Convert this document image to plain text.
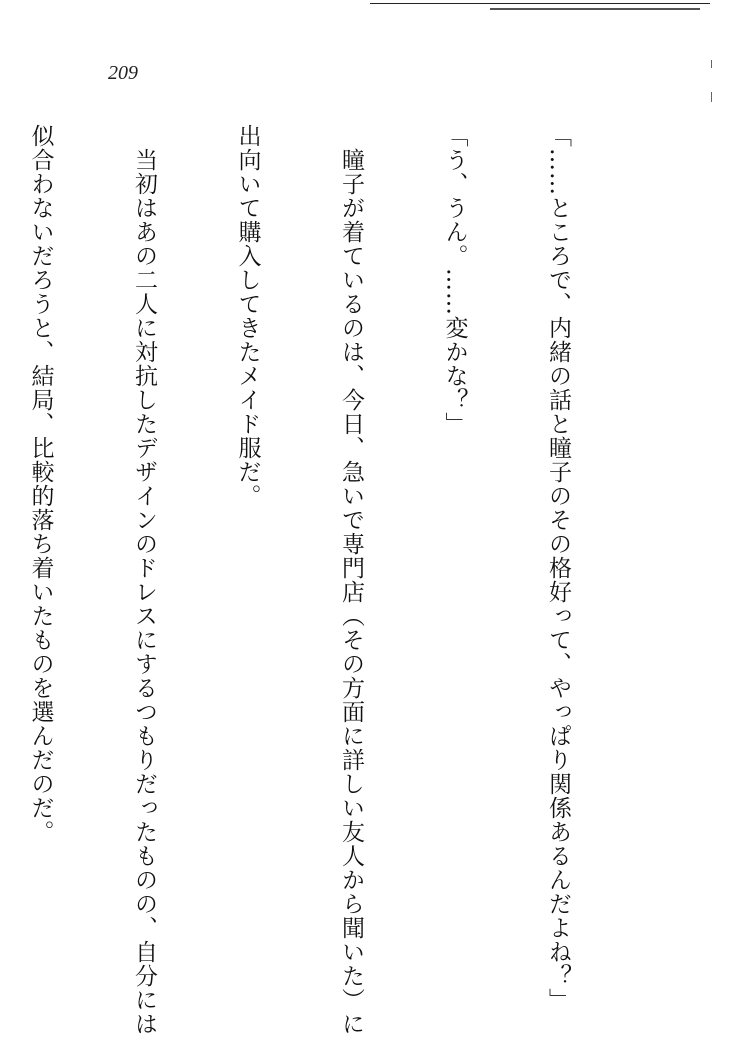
209

「……ところで、内緒の話と瞳子のその格好って、やっぱり関係あるんだよね？」

「う、うん。……変かな？」

　瞳子が着ているのは、今日、急いで専門店（その方面に詳しい友人から聞いた）に

出向いて購入してきたメイド服だ。

　当初はあの二人に対抗したデザインのドレスにするつもりだったものの、自分には

似合わないだろうと、結局、比較的落ち着いたものを選んだのだ。
